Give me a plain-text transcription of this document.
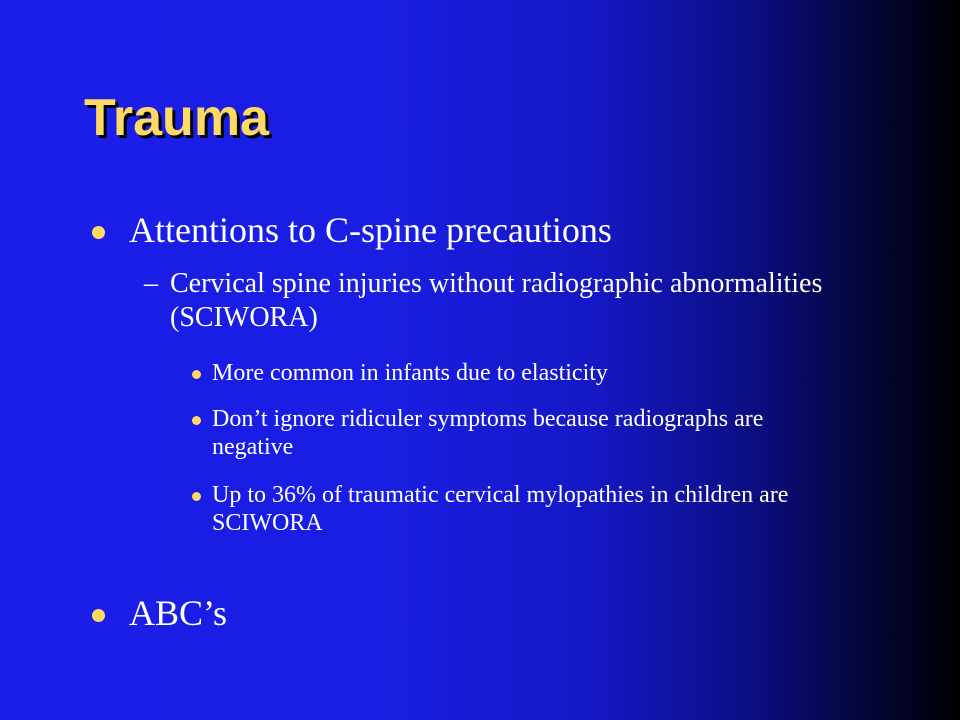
Trauma
Attentions to C-spine precautions
– Cervical spine injuries without radiographic abnormalities (SCIWORA)
More common in infants due to elasticity
Don’t ignore ridiculer symptoms because radiographs are negative
Up to 36% of traumatic cervical mylopathies in children are SCIWORA
ABC’s
